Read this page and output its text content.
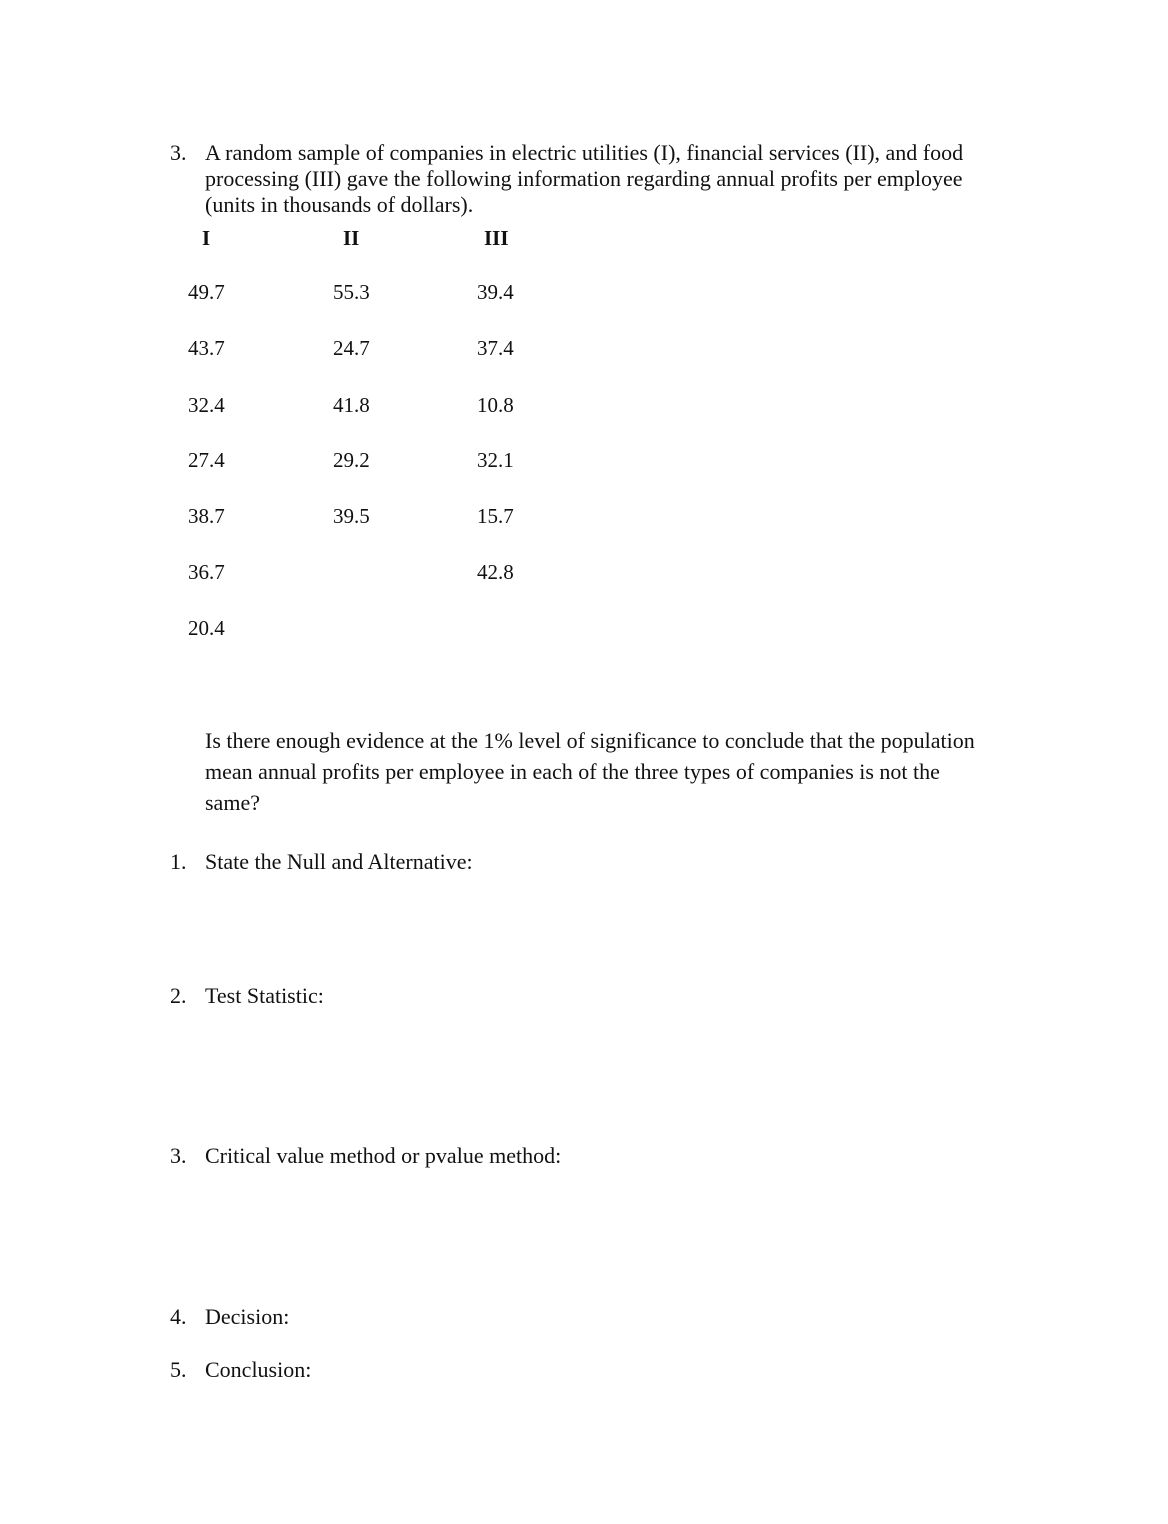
3. A random sample of companies in electric utilities (I), financial services (II), and food
processing (III) gave the following information regarding annual profits per employee
(units in thousands of dollars).
I	II	III
49.7
43.7
32.4
27.4
38.7
36.7
20.4
55.3
24.7
41.8
29.2
39.5
39.4
37.4
10.8
32.1
15.7
42.8
Is there enough evidence at the 1% level of significance to conclude that the population
mean annual profits per employee in each of the three types of companies is not the
same?
1. State the Null and Alternative:
2. Test Statistic:
3. Critical value method or pvalue method:
4. Decision:
5. Conclusion:
